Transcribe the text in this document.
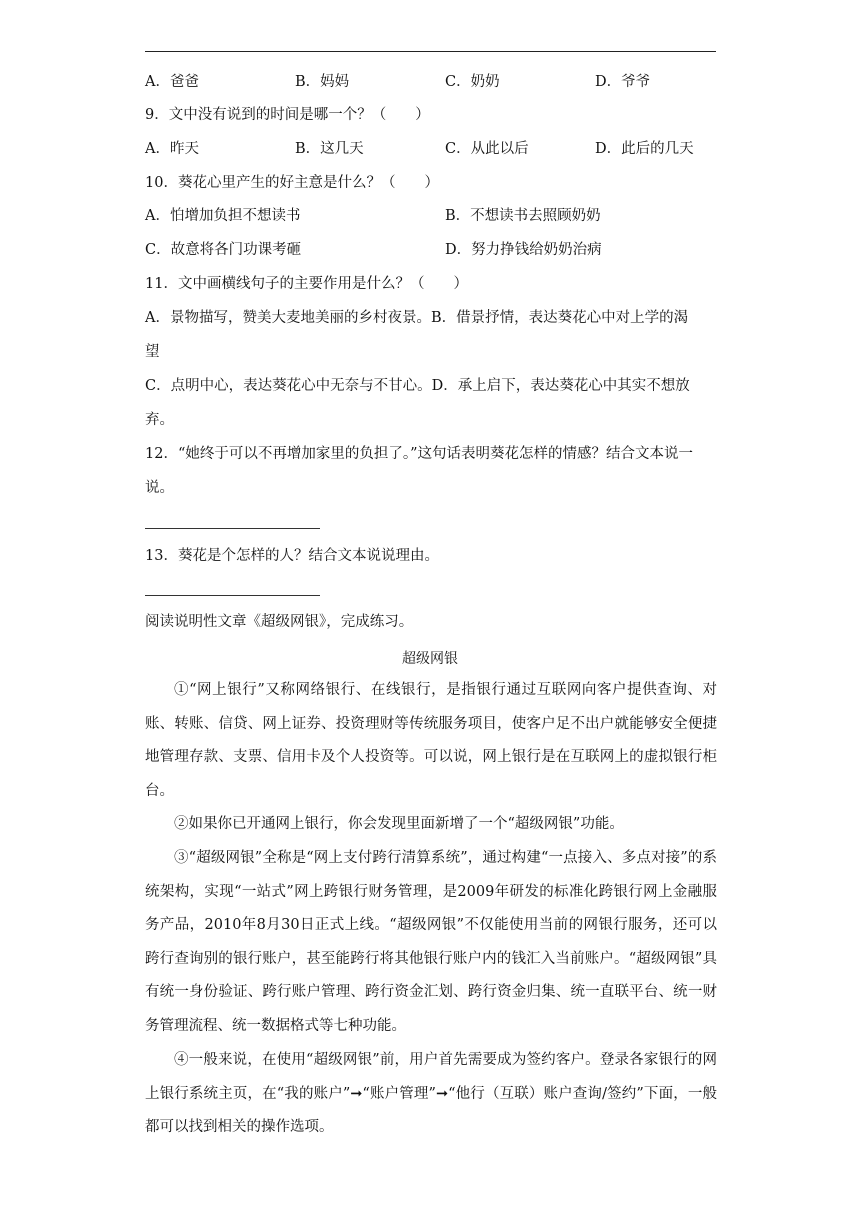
A．爸爸	B．妈妈	C．奶奶	D．爷爷
9．文中没有说到的时间是哪一个？（　　）
A．昨天	B．这几天	C．从此以后	D．此后的几天
10．葵花心里产生的好主意是什么？（　　）
A．怕增加负担不想读书	B．不想读书去照顾奶奶
C．故意将各门功课考砸	D．努力挣钱给奶奶治病
11．文中画横线句子的主要作用是什么？（　　）
A．景物描写，赞美大麦地美丽的乡村夜景。B．借景抒情，表达葵花心中对上学的渴
望
C．点明中心，表达葵花心中无奈与不甘心。D．承上启下，表达葵花心中其实不想放
弃。
12．“她终于可以不再增加家里的负担了。”这句话表明葵花怎样的情感？结合文本说一
说。
13．葵花是个怎样的人？结合文本说说理由。
阅读说明性文章《超级网银》，完成练习。
超级网银
①“网上银行”又称网络银行、在线银行，是指银行通过互联网向客户提供查询、对账、转账、信贷、网上证券、投资理财等传统服务项目，使客户足不出户就能够安全便捷地管理存款、支票、信用卡及个人投资等。可以说，网上银行是在互联网上的虚拟银行柜台。
②如果你已开通网上银行，你会发现里面新增了一个“超级网银”功能。
③“超级网银”全称是“网上支付跨行清算系统”，通过构建“一点接入、多点对接”的系统架构，实现“一站式”网上跨银行财务管理，是2009年研发的标准化跨银行网上金融服务产品，2010年8月30日正式上线。“超级网银”不仅能使用当前的网银行服务，还可以跨行查询别的银行账户，甚至能跨行将其他银行账户内的钱汇入当前账户。“超级网银”具有统一身份验证、跨行账户管理、跨行资金汇划、跨行资金归集、统一直联平台、统一财务管理流程、统一数据格式等七种功能。
④一般来说，在使用“超级网银”前，用户首先需要成为签约客户。登录各家银行的网上银行系统主页，在“我的账户”➞“账户管理”➞“他行（互联）账户查询/签约”下面，一般都可以找到相关的操作选项。
